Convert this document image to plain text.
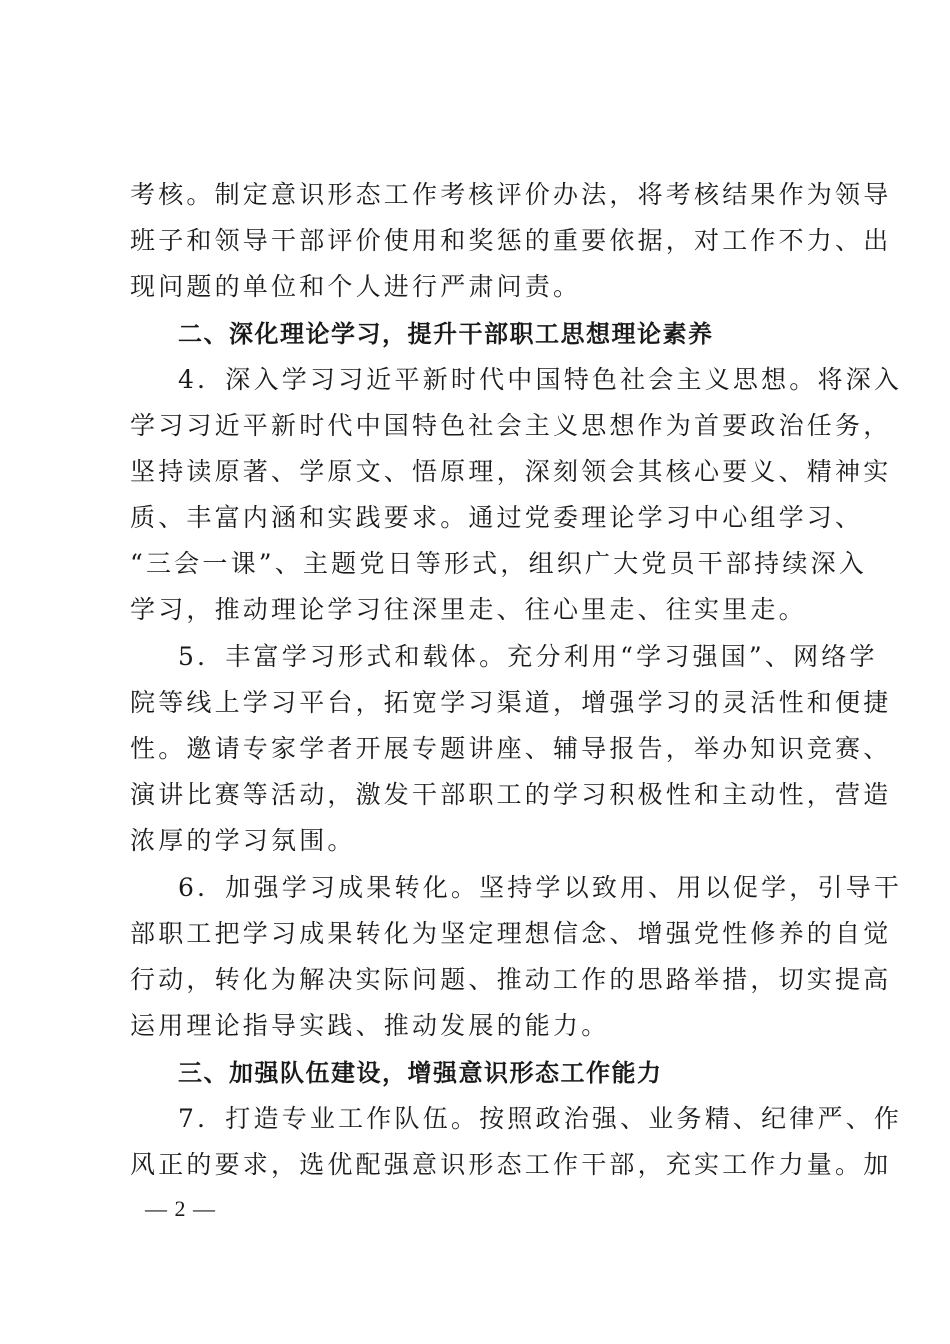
考核。制定意识形态工作考核评价办法，将考核结果作为领导
班子和领导干部评价使用和奖惩的重要依据，对工作不力、出
现问题的单位和个人进行严肃问责。
二、深化理论学习，提升干部职工思想理论素养
4．深入学习习近平新时代中国特色社会主义思想。将深入
学习习近平新时代中国特色社会主义思想作为首要政治任务，
坚持读原著、学原文、悟原理，深刻领会其核心要义、精神实
质、丰富内涵和实践要求。通过党委理论学习中心组学习、
“三会一课”、主题党日等形式，组织广大党员干部持续深入
学习，推动理论学习往深里走、往心里走、往实里走。
5．丰富学习形式和载体。充分利用“学习强国”、网络学
院等线上学习平台，拓宽学习渠道，增强学习的灵活性和便捷
性。邀请专家学者开展专题讲座、辅导报告，举办知识竞赛、
演讲比赛等活动，激发干部职工的学习积极性和主动性，营造
浓厚的学习氛围。
6．加强学习成果转化。坚持学以致用、用以促学，引导干
部职工把学习成果转化为坚定理想信念、增强党性修养的自觉
行动，转化为解决实际问题、推动工作的思路举措，切实提高
运用理论指导实践、推动发展的能力。
三、加强队伍建设，增强意识形态工作能力
7．打造专业工作队伍。按照政治强、业务精、纪律严、作
风正的要求，选优配强意识形态工作干部，充实工作力量。加
— 2 —
